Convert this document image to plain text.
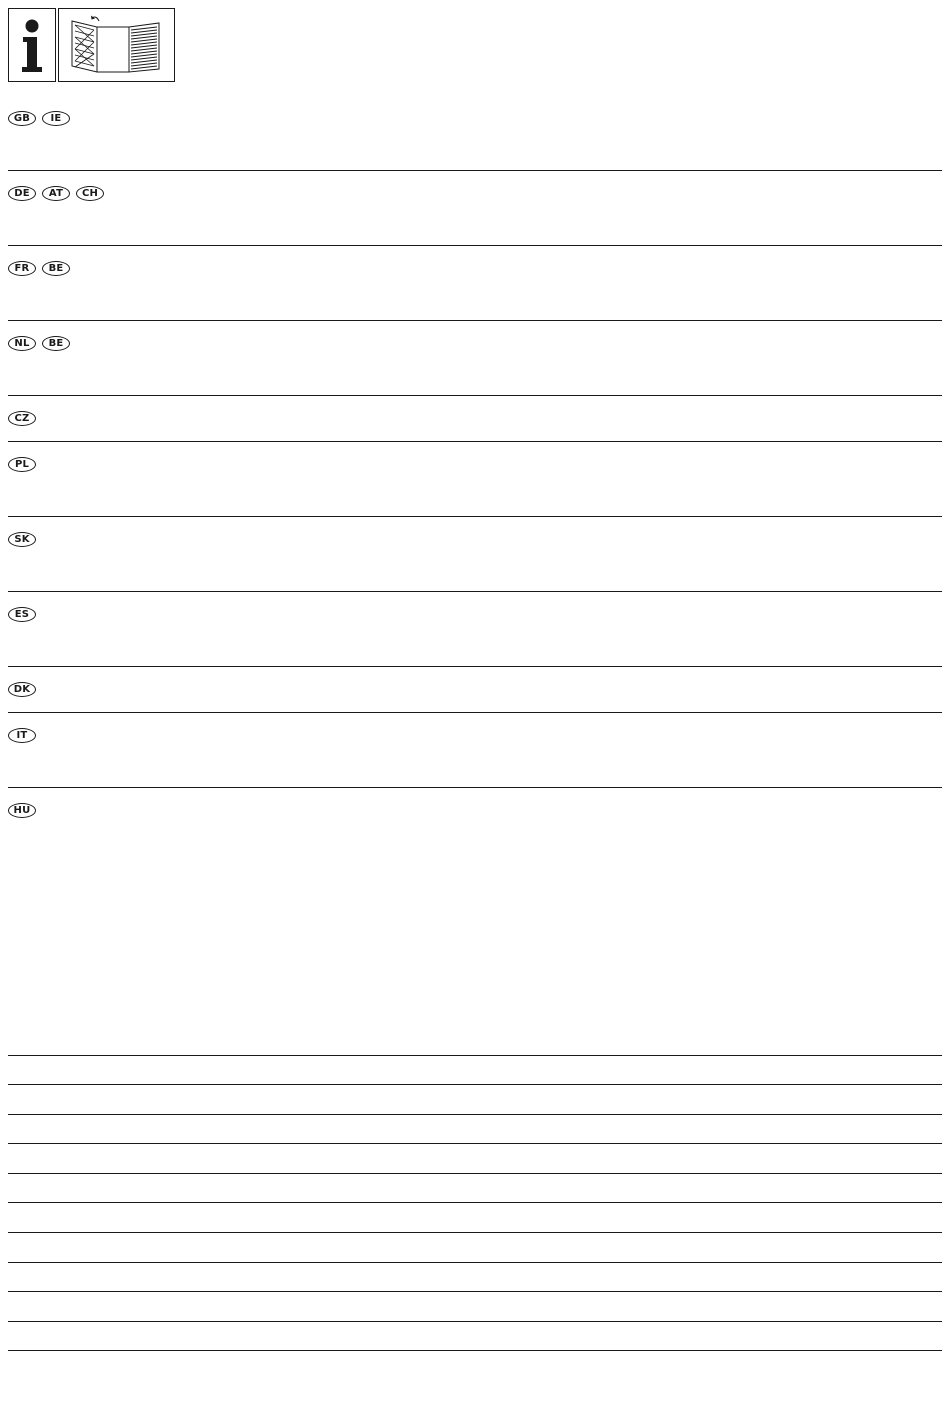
GB	IE
DE	AT	CH
FR	BE
NL	BE
CZ
PL
SK
ES
DK
IT
HU
